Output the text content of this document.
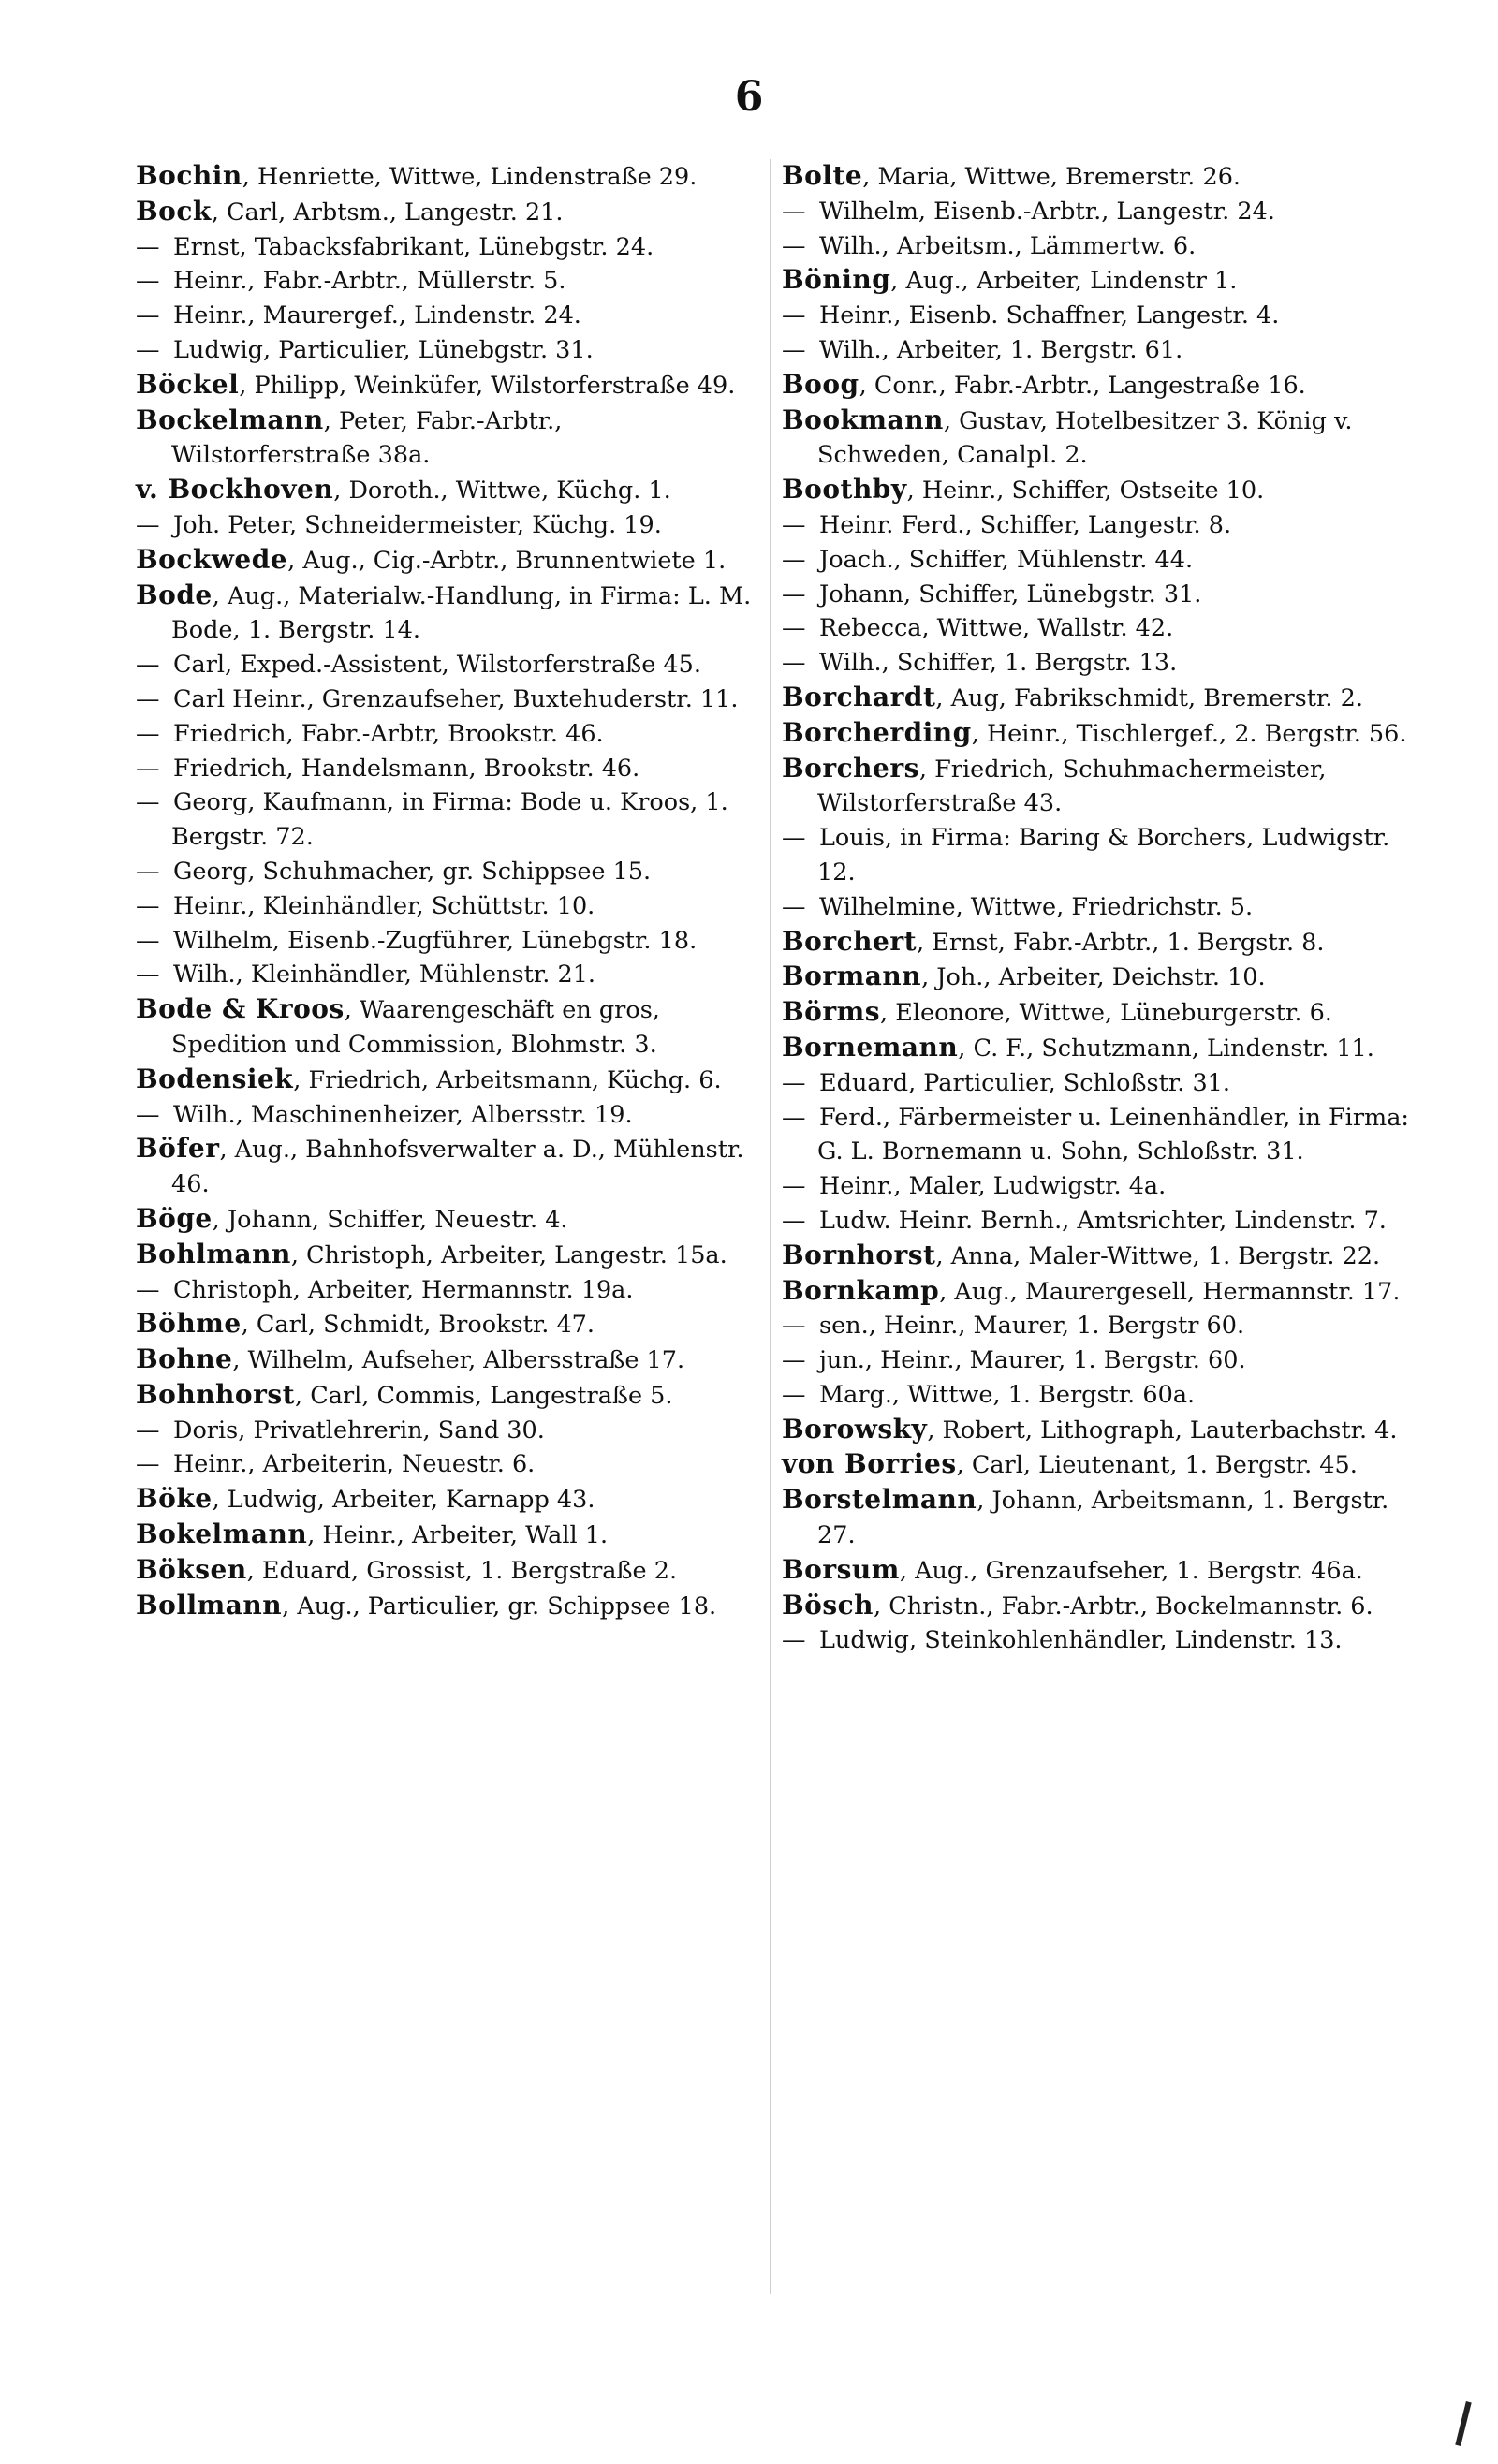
6
Bochin, Henriette, Wittwe, Lindenstraße 29.
Bock, Carl, Arbtsm., Langestr. 21.
— Ernst, Tabacksfabrikant, Lünebgstr. 24.
— Heinr., Fabr.-Arbtr., Müllerstr. 5.
— Heinr., Maurergef., Lindenstr. 24.
— Ludwig, Particulier, Lünebgstr. 31.
Böckel, Philipp, Weinküfer, Wilstorferstraße 49.
Bockelmann, Peter, Fabr.-Arbtr., Wilstorferstraße 38a.
v. Bockhoven, Doroth., Wittwe, Küchg. 1.
— Joh. Peter, Schneidermeister, Küchg. 19.
Bockwede, Aug., Cig.-Arbtr., Brunnentwiete 1.
Bode, Aug., Materialw.-Handlung, in Firma: L. M. Bode, 1. Bergstr. 14.
— Carl, Exped.-Assistent, Wilstorferstraße 45.
— Carl Heinr., Grenzaufseher, Buxtehuderstr. 11.
— Friedrich, Fabr.-Arbtr, Brookstr. 46.
— Friedrich, Handelsmann, Brookstr. 46.
— Georg, Kaufmann, in Firma: Bode u. Kroos, 1. Bergstr. 72.
— Georg, Schuhmacher, gr. Schippsee 15.
— Heinr., Kleinhändler, Schüttstr. 10.
— Wilhelm, Eisenb.-Zugführer, Lünebgstr. 18.
— Wilh., Kleinhändler, Mühlenstr. 21.
Bode & Kroos, Waarengeschäft en gros, Spedition und Commission, Blohmstr. 3.
Bodensiek, Friedrich, Arbeitsmann, Küchg. 6.
— Wilh., Maschinenheizer, Albersstr. 19.
Böfer, Aug., Bahnhofsverwalter a. D., Mühlenstr. 46.
Böge, Johann, Schiffer, Neuestr. 4.
Bohlmann, Christoph, Arbeiter, Langestr. 15a.
— Christoph, Arbeiter, Hermannstr. 19a.
Böhme, Carl, Schmidt, Brookstr. 47.
Bohne, Wilhelm, Aufseher, Albersstraße 17.
Bohnhorst, Carl, Commis, Langestraße 5.
— Doris, Privatlehrerin, Sand 30.
— Heinr., Arbeiterin, Neuestr. 6.
Böke, Ludwig, Arbeiter, Karnapp 43.
Bokelmann, Heinr., Arbeiter, Wall 1.
Böksen, Eduard, Grossist, 1. Bergstraße 2.
Bollmann, Aug., Particulier, gr. Schippsee 18.
Bolte, Maria, Wittwe, Bremerstr. 26.
— Wilhelm, Eisenb.-Arbtr., Langestr. 24.
— Wilh., Arbeitsm., Lämmertw. 6.
Böning, Aug., Arbeiter, Lindenstr 1.
— Heinr., Eisenb. Schaffner, Langestr. 4.
— Wilh., Arbeiter, 1. Bergstr. 61.
Boog, Conr., Fabr.-Arbtr., Langestraße 16.
Bookmann, Gustav, Hotelbesitzer 3. König v. Schweden, Canalpl. 2.
Boothby, Heinr., Schiffer, Ostseite 10.
— Heinr. Ferd., Schiffer, Langestr. 8.
— Joach., Schiffer, Mühlenstr. 44.
— Johann, Schiffer, Lünebgstr. 31.
— Rebecca, Wittwe, Wallstr. 42.
— Wilh., Schiffer, 1. Bergstr. 13.
Borchardt, Aug, Fabrikschmidt, Bremerstr. 2.
Borcherding, Heinr., Tischlergef., 2. Bergstr. 56.
Borchers, Friedrich, Schuhmachermeister, Wilstorferstraße 43.
— Louis, in Firma: Baring & Borchers, Ludwigstr. 12.
— Wilhelmine, Wittwe, Friedrichstr. 5.
Borchert, Ernst, Fabr.-Arbtr., 1. Bergstr. 8.
Bormann, Joh., Arbeiter, Deichstr. 10.
Börms, Eleonore, Wittwe, Lüneburgerstr. 6.
Bornemann, C. F., Schutzmann, Lindenstr. 11.
— Eduard, Particulier, Schloßstr. 31.
— Ferd., Färbermeister u. Leinenhändler, in Firma: G. L. Bornemann u. Sohn, Schloßstr. 31.
— Heinr., Maler, Ludwigstr. 4a.
— Ludw. Heinr. Bernh., Amtsrichter, Lindenstr. 7.
Bornhorst, Anna, Maler-Wittwe, 1. Bergstr. 22.
Bornkamp, Aug., Maurergesell, Hermannstr. 17.
— sen., Heinr., Maurer, 1. Bergstr 60.
— jun., Heinr., Maurer, 1. Bergstr. 60.
— Marg., Wittwe, 1. Bergstr. 60a.
Borowsky, Robert, Lithograph, Lauterbachstr. 4.
von Borries, Carl, Lieutenant, 1. Bergstr. 45.
Borstelmann, Johann, Arbeitsmann, 1. Bergstr. 27.
Borsum, Aug., Grenzaufseher, 1. Bergstr. 46a.
Bösch, Christn., Fabr.-Arbtr., Bockelmannstr. 6.
— Ludwig, Steinkohlenhändler, Lindenstr. 13.
